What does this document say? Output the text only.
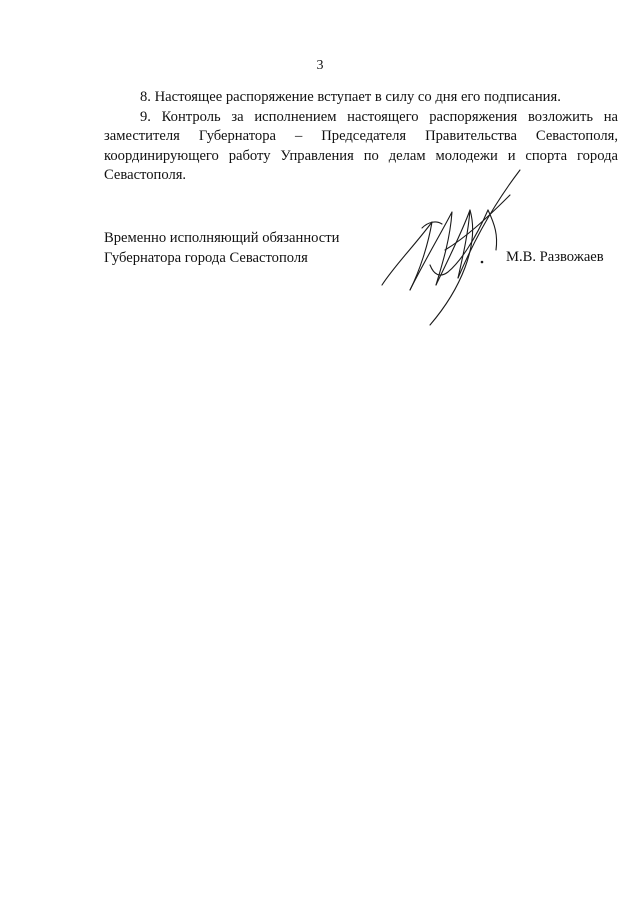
3

8. Настоящее распоряжение вступает в силу со дня его подписания.

9. Контроль за исполнением настоящего распоряжения возложить на заместителя Губернатора – Председателя Правительства Севастополя, координирующего работу Управления по делам молодежи и спорта города Севастополя.

Временно исполняющий обязанности
Губернатора города Севастополя	М.В. Развожаев
